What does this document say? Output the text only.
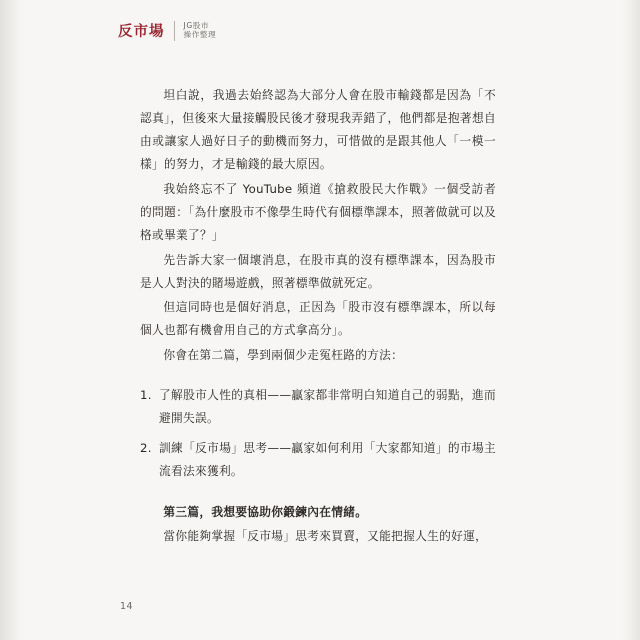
反市場	JG股市
操作整理

坦白說，我過去始終認為大部分人會在股市輸錢都是因為「不認真」，但後來大量接觸股民後才發現我弄錯了，他們都是抱著想自由或讓家人過好日子的動機而努力，可惜做的是跟其他人「一模一樣」的努力，才是輸錢的最大原因。

我始終忘不了 YouTube 頻道《搶救股民大作戰》一個受訪者的問題：「為什麼股市不像學生時代有個標準課本，照著做就可以及格或畢業了？」

先告訴大家一個壞消息，在股市真的沒有標準課本，因為股市是人人對決的賭場遊戲，照著標準做就死定。

但這同時也是個好消息，正因為「股市沒有標準課本，所以每個人也都有機會用自己的方式拿高分」。

你會在第二篇，學到兩個少走冤枉路的方法：

1. 了解股市人性的真相——贏家都非常明白知道自己的弱點，進而避開失誤。
2. 訓練「反市場」思考——贏家如何利用「大家都知道」的市場主流看法來獲利。

第三篇，我想要協助你鍛鍊內在情緒。

當你能夠掌握「反市場」思考來買賣，又能把握人生的好運，

14
